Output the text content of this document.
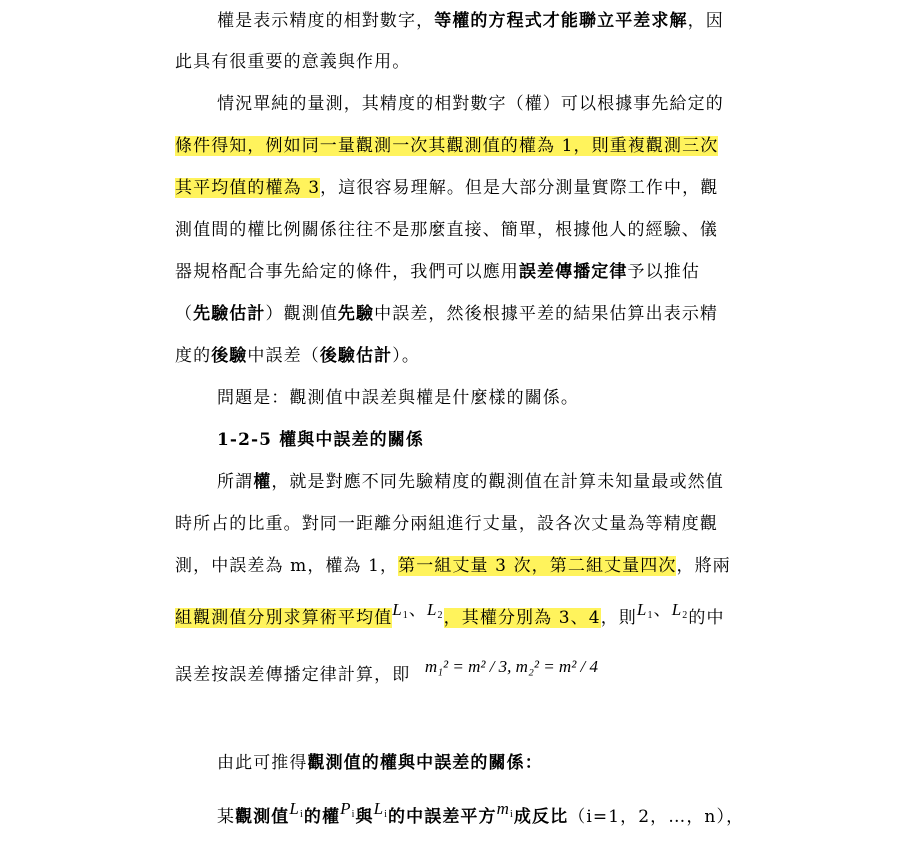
權是表示精度的相對數字，等權的方程式才能聯立平差求解，因
此具有很重要的意義與作用。
情況單純的量測，其精度的相對數字（權）可以根據事先給定的
條件得知，例如同一量觀測一次其觀測值的權為 1，則重複觀測三次
其平均值的權為 3，這很容易理解。但是大部分測量實際工作中，觀
測值間的權比例關係往往不是那麼直接、簡單，根據他人的經驗、儀
器規格配合事先給定的條件，我們可以應用誤差傳播定律予以推估
（先驗估計）觀測值先驗中誤差，然後根據平差的結果估算出表示精
度的後驗中誤差（後驗估計）。
問題是：觀測值中誤差與權是什麼樣的關係。
1-2-5 權與中誤差的關係
所謂權，就是對應不同先驗精度的觀測值在計算未知量最或然值
時所占的比重。對同一距離分兩組進行丈量，設各次丈量為等精度觀
測，中誤差為 m，權為 1，第一組丈量 3 次，第二組丈量四次，將兩
組觀測值分別求算術平均值$L_1$、$L_2$，其權分別為 3、4，則$L_1$、$L_2$的中
誤差按誤差傳播定律計算，即 m₁² = m² / 3, m₂² = m² / 4
由此可推得觀測值的權與中誤差的關係：
某觀測值$L_i$的權$P_i$與$L_i$的中誤差平方$m_i$成反比（i=1，2，…，n），
